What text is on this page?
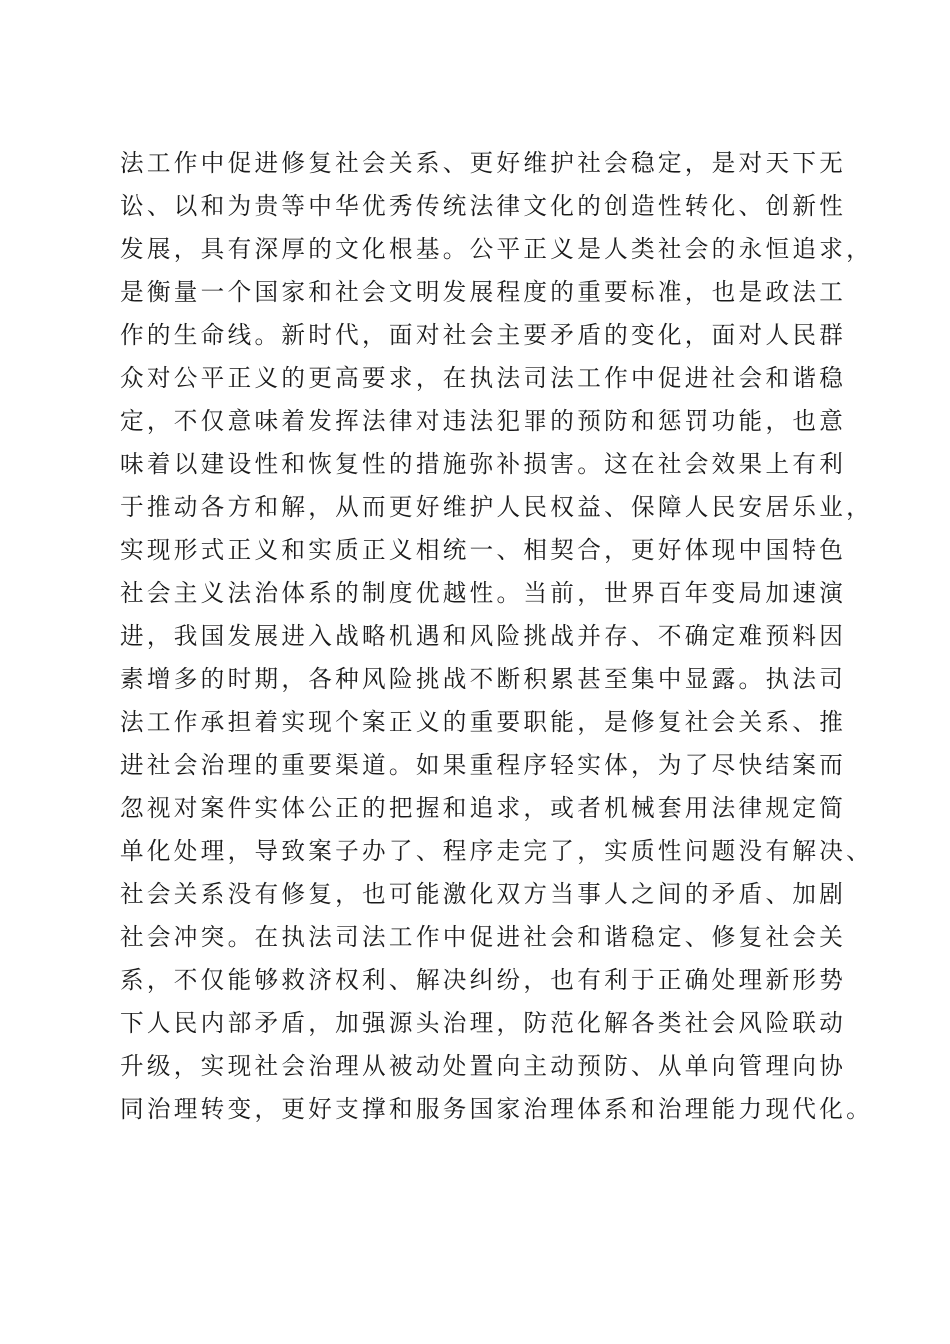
法工作中促进修复社会关系、更好维护社会稳定，是对天下无
讼、以和为贵等中华优秀传统法律文化的创造性转化、创新性
发展，具有深厚的文化根基。公平正义是人类社会的永恒追求，
是衡量一个国家和社会文明发展程度的重要标准，也是政法工
作的生命线。新时代，面对社会主要矛盾的变化，面对人民群
众对公平正义的更高要求，在执法司法工作中促进社会和谐稳
定，不仅意味着发挥法律对违法犯罪的预防和惩罚功能，也意
味着以建设性和恢复性的措施弥补损害。这在社会效果上有利
于推动各方和解，从而更好维护人民权益、保障人民安居乐业，
实现形式正义和实质正义相统一、相契合，更好体现中国特色
社会主义法治体系的制度优越性。当前，世界百年变局加速演
进，我国发展进入战略机遇和风险挑战并存、不确定难预料因
素增多的时期，各种风险挑战不断积累甚至集中显露。执法司
法工作承担着实现个案正义的重要职能，是修复社会关系、推
进社会治理的重要渠道。如果重程序轻实体，为了尽快结案而
忽视对案件实体公正的把握和追求，或者机械套用法律规定简
单化处理，导致案子办了、程序走完了，实质性问题没有解决、
社会关系没有修复，也可能激化双方当事人之间的矛盾、加剧
社会冲突。在执法司法工作中促进社会和谐稳定、修复社会关
系，不仅能够救济权利、解决纠纷，也有利于正确处理新形势
下人民内部矛盾，加强源头治理，防范化解各类社会风险联动
升级，实现社会治理从被动处置向主动预防、从单向管理向协
同治理转变，更好支撑和服务国家治理体系和治理能力现代化。
